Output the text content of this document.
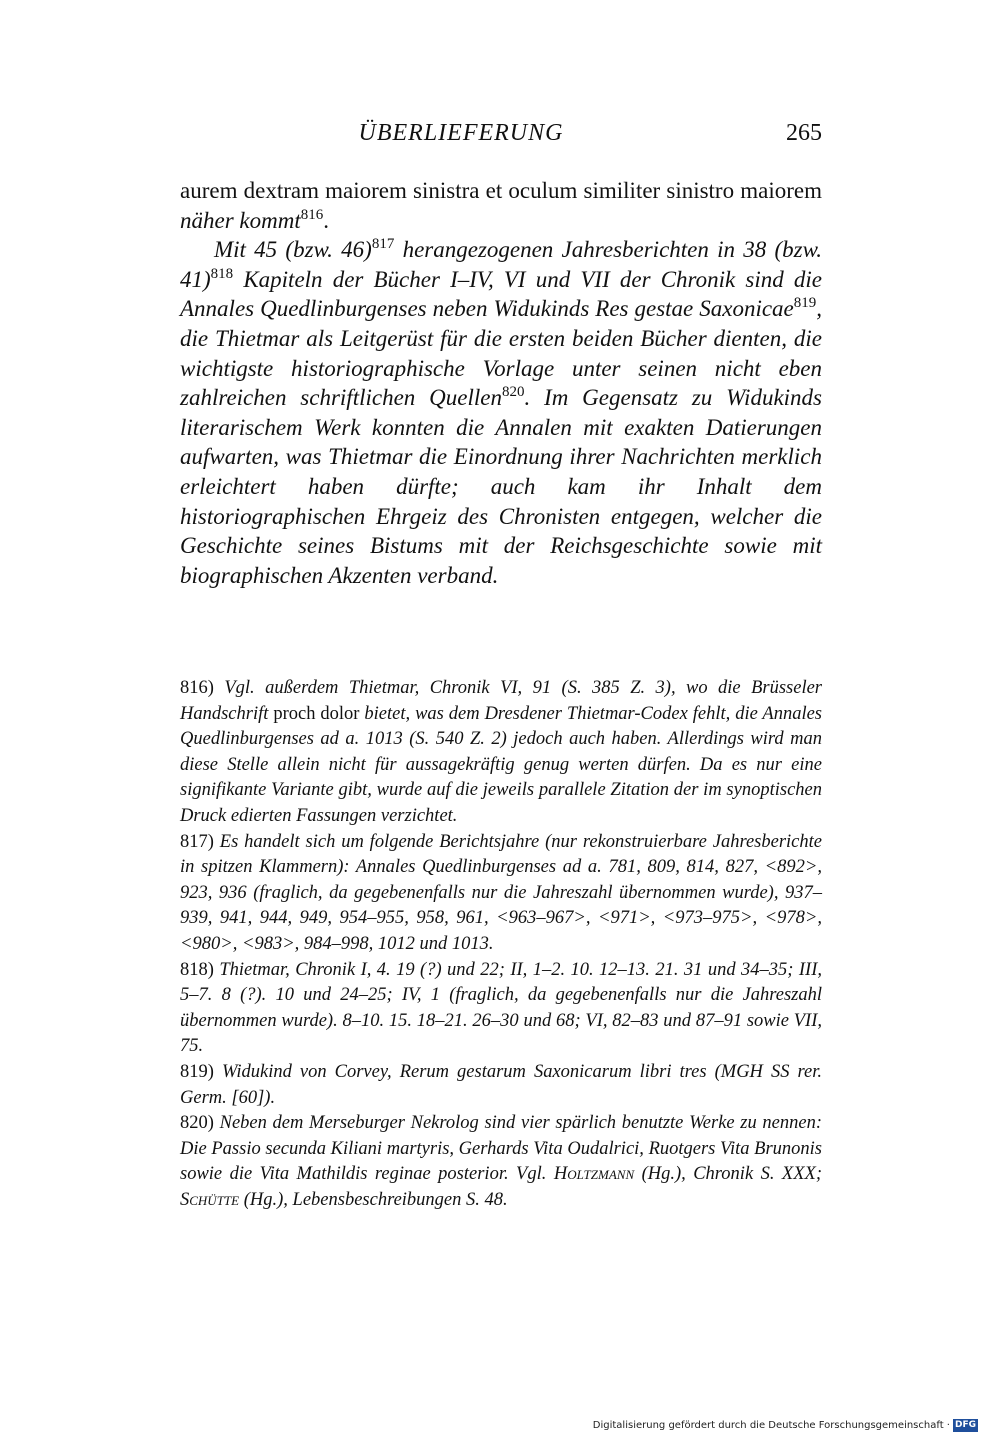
ÜBERLIEFERUNG	265

aurem dextram maiorem sinistra et oculum similiter sinistro maiorem näher kommt$^{816}$.

Mit 45 (bzw. 46)$^{817}$ herangezogenen Jahresberichten in 38 (bzw. 41)$^{818}$ Kapiteln der Bücher I–IV, VI und VII der Chronik sind die Annales Quedlinburgenses neben Widukinds Res gestae Saxonicae$^{819}$, die Thietmar als Leitgerüst für die ersten beiden Bücher dienten, die wichtigste historiographische Vorlage unter seinen nicht eben zahlreichen schriftlichen Quellen$^{820}$. Im Gegensatz zu Widukinds literarischem Werk konnten die Annalen mit exakten Datierungen aufwarten, was Thietmar die Einordnung ihrer Nachrichten merklich erleichtert haben dürfte; auch kam ihr Inhalt dem historiographischen Ehrgeiz des Chronisten entgegen, welcher die Geschichte seines Bistums mit der Reichsgeschichte sowie mit biographischen Akzenten verband.

816) Vgl. außerdem Thietmar, Chronik VI, 91 (S. 385 Z. 3), wo die Brüsseler Handschrift proch dolor bietet, was dem Dresdener Thietmar-Codex fehlt, die Annales Quedlinburgenses ad a. 1013 (S. 540 Z. 2) jedoch auch haben. Allerdings wird man diese Stelle allein nicht für aussagekräftig genug werten dürfen. Da es nur eine signifikante Variante gibt, wurde auf die jeweils parallele Zitation der im synoptischen Druck edierten Fassungen verzichtet.

817) Es handelt sich um folgende Berichtsjahre (nur rekonstruierbare Jahresberichte in spitzen Klammern): Annales Quedlinburgenses ad a. 781, 809, 814, 827, <892>, 923, 936 (fraglich, da gegebenenfalls nur die Jahreszahl übernommen wurde), 937–939, 941, 944, 949, 954–955, 958, 961, <963–967>, <971>, <973–975>, <978>, <980>, <983>, 984–998, 1012 und 1013.

818) Thietmar, Chronik I, 4. 19 (?) und 22; II, 1–2. 10. 12–13. 21. 31 und 34–35; III, 5–7. 8 (?). 10 und 24–25; IV, 1 (fraglich, da gegebenenfalls nur die Jahreszahl übernommen wurde). 8–10. 15. 18–21. 26–30 und 68; VI, 82–83 und 87–91 sowie VII, 75.

819) Widukind von Corvey, Rerum gestarum Saxonicarum libri tres (MGH SS rer. Germ. [60]).

820) Neben dem Merseburger Nekrolog sind vier spärlich benutzte Werke zu nennen: Die Passio secunda Kiliani martyris, Gerhards Vita Oudalrici, Ruotgers Vita Brunonis sowie die Vita Mathildis reginae posterior. Vgl. Holtzmann (Hg.), Chronik S. XXX; Schütte (Hg.), Lebensbeschreibungen S. 48.

Digitalisierung gefördert durch die Deutsche Forschungsgemeinschaft · DFG
